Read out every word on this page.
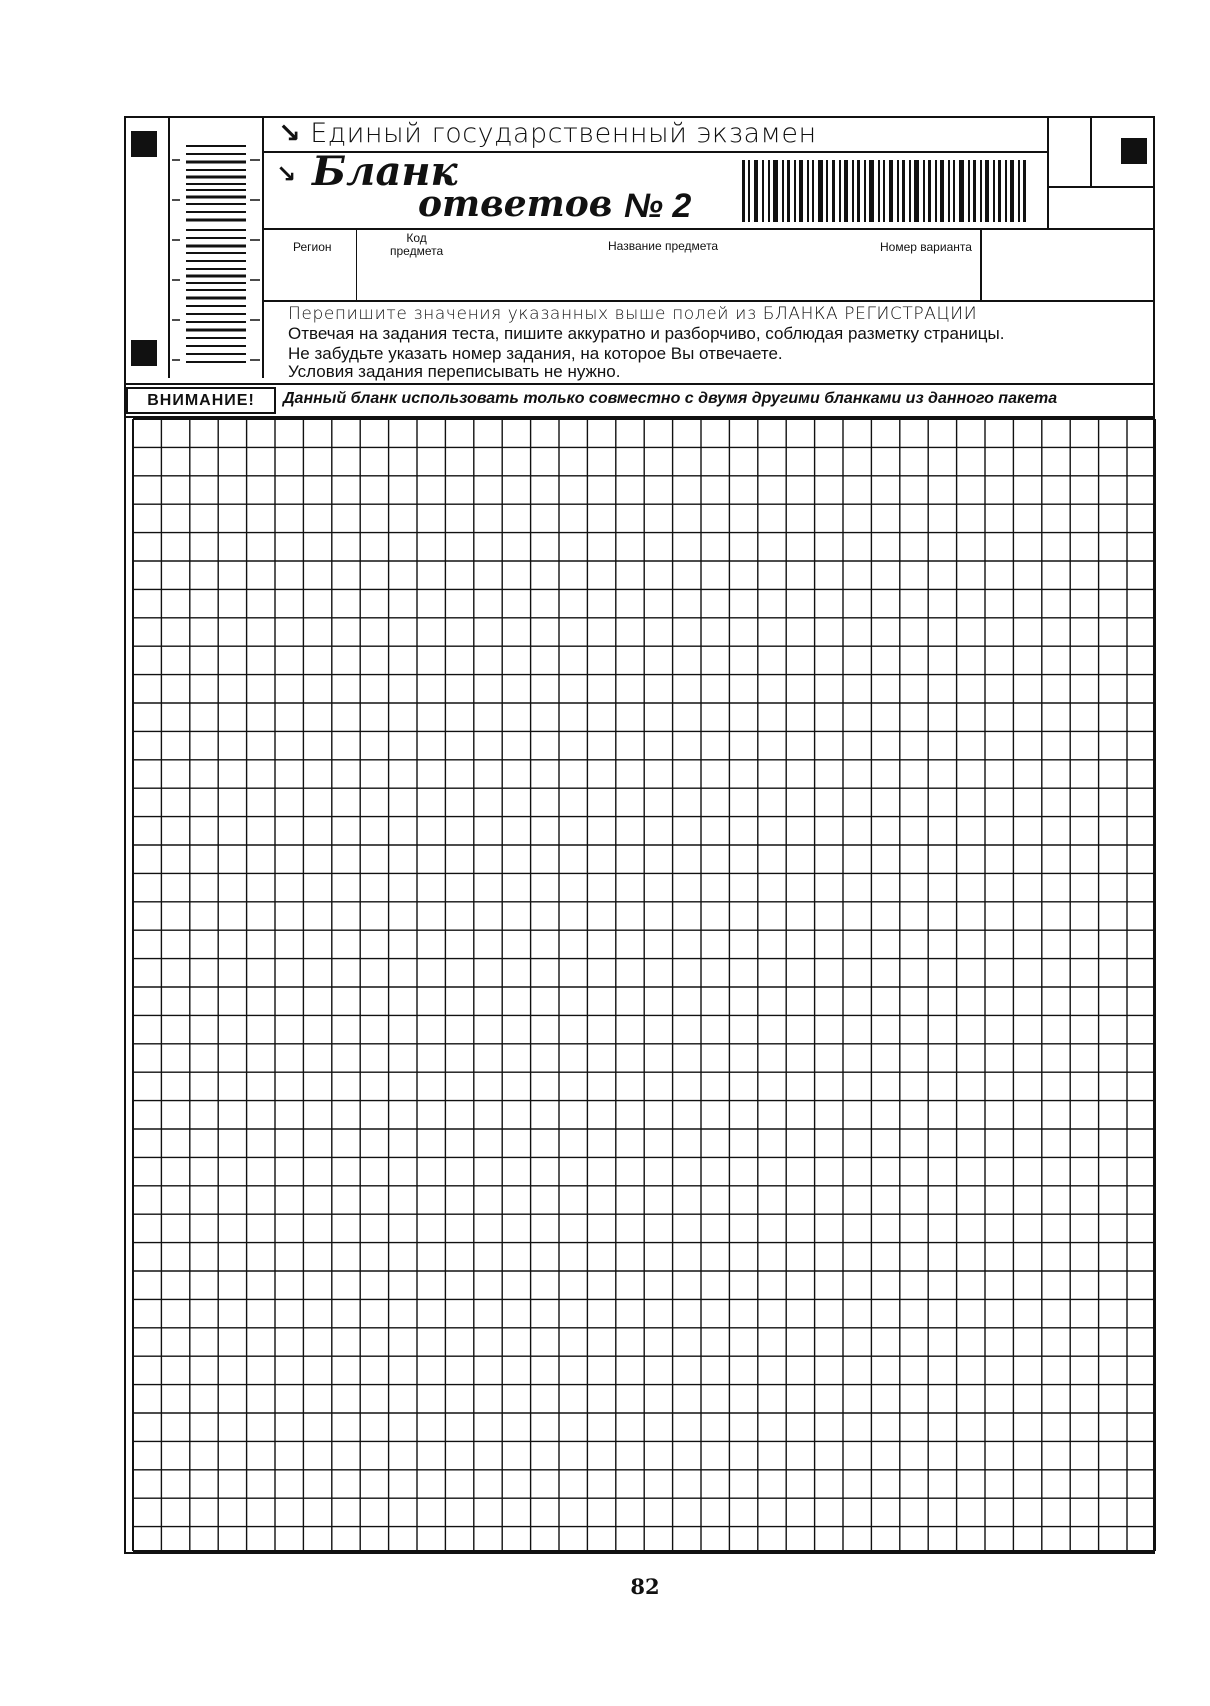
↘ Единый государственный экзамен
↘ Бланк
ответов № 2
Регион
Код
предмета	Название предмета	Номер варианта
Перепишите значения указанных выше полей из БЛАНКА РЕГИСТРАЦИИ
Отвечая на задания теста, пишите аккуратно и разборчиво, соблюдая разметку страницы.
Не забудьте указать номер задания, на которое Вы отвечаете.
Условия задания переписывать не нужно.
ВНИМАНИЕ!	Данный бланк использовать только совместно с двумя другими бланками из данного пакета
82
